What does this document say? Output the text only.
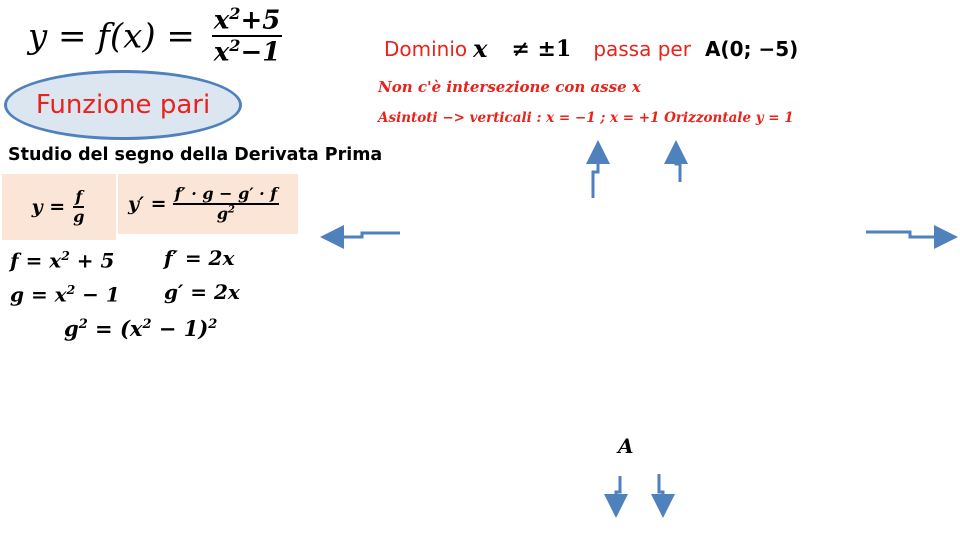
$y = f(x) = \frac{x^2+5}{x^2-1}$
Funzione pari
Dominio x ≠ ±1 passa per A(0; −5)
Non c'è intersezione con asse x
Asintoti −> verticali : x = −1 ; x = +1 Orizzontale y = 1
Studio del segno della Derivata Prima
$y = \frac{f}{g} y' = \frac{f' \cdot g - g' \cdot f}{g^2}$
$f = x^2 + 5$
$g = x^2 - 1$
f′ = 2x
g′ = 2x
$g^2 = (x^2 - 1)^2$
A
